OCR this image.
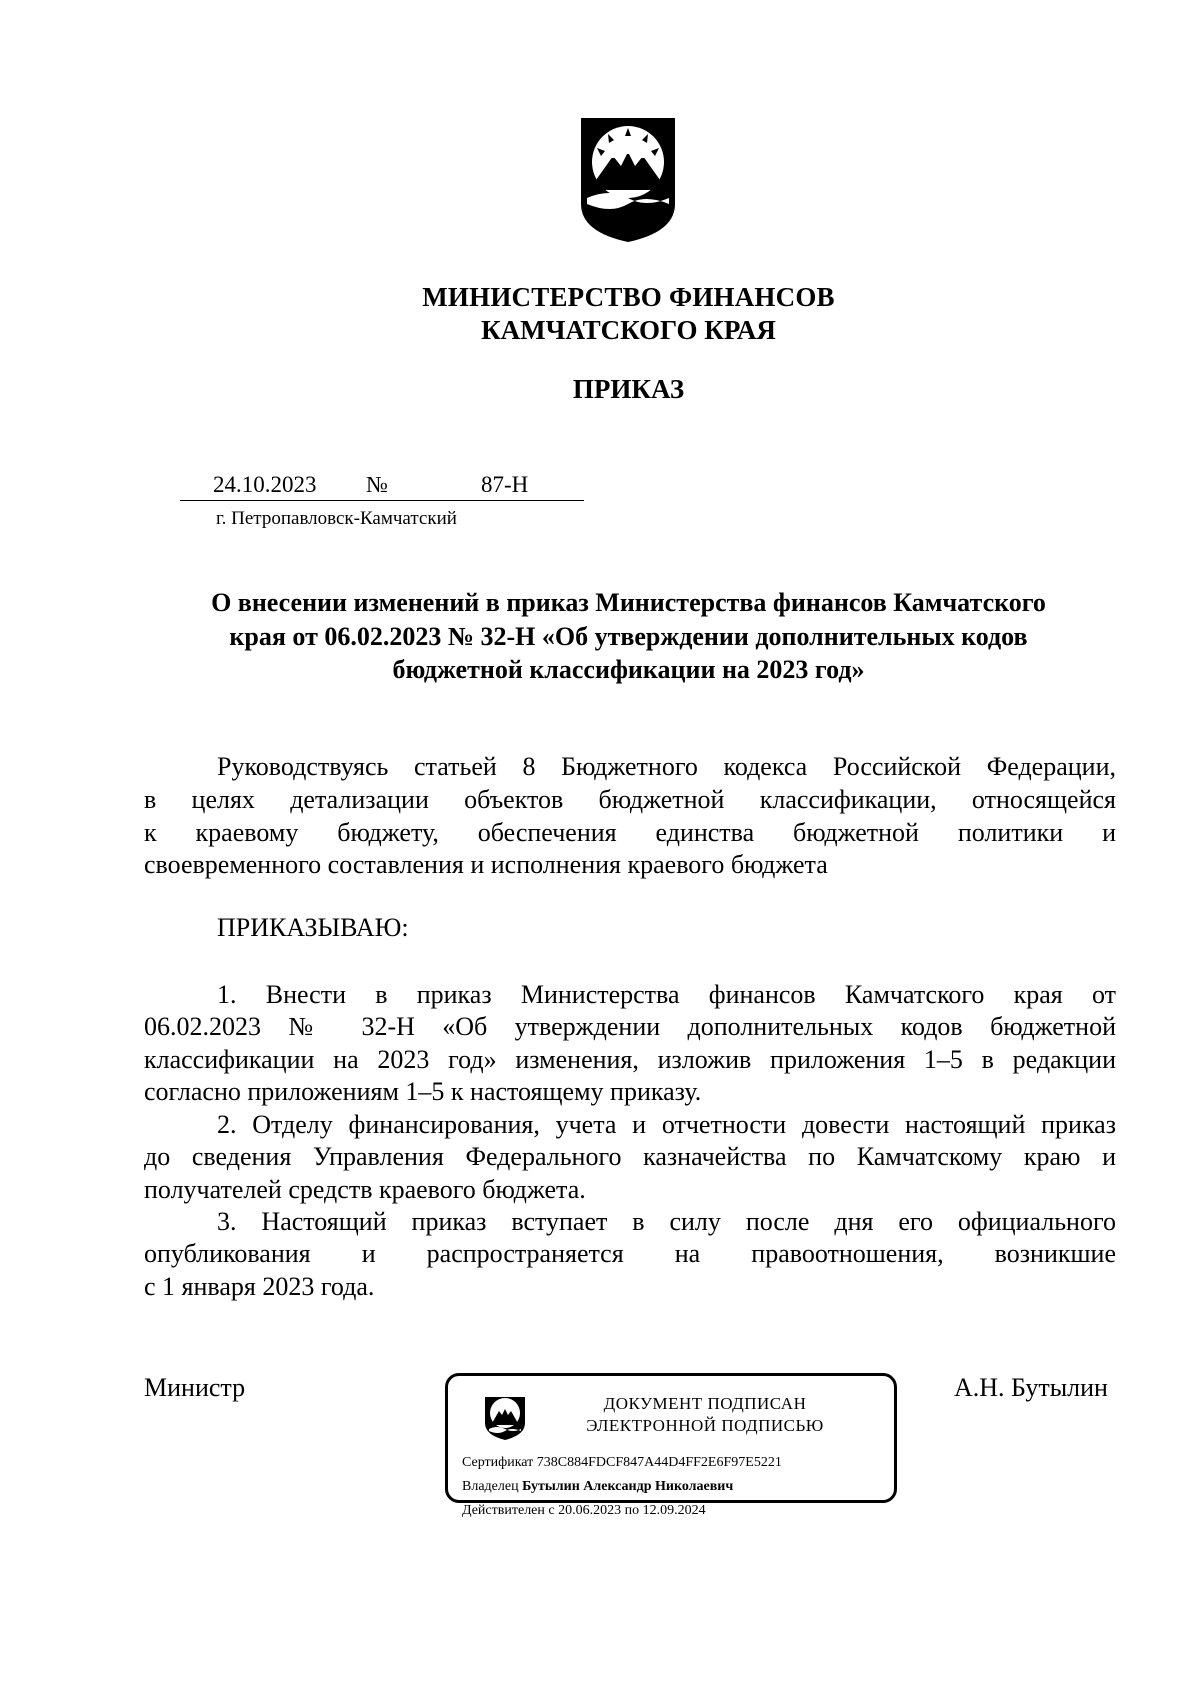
МИНИСТЕРСТВО ФИНАНСОВ
КАМЧАТСКОГО КРАЯ
ПРИКАЗ
24.10.2023 №	87-Н
г. Петропавловск-Камчатский
О внесении изменений в приказ Министерства финансов Камчатского
края от 06.02.2023 № 32-Н «Об утверждении дополнительных кодов
бюджетной классификации на 2023 год»
Руководствуясь статьей 8 Бюджетного кодекса Российской Федерации,
в целях детализации объектов бюджетной классификации, относящейся
к краевому бюджету, обеспечения единства бюджетной политики и
своевременного составления и исполнения краевого бюджета
ПРИКАЗЫВАЮ:
1. Внести в приказ Министерства финансов Камчатского края от
06.02.2023 № 32-Н «Об утверждении дополнительных кодов бюджетной
классификации на 2023 год» изменения, изложив приложения 1–5 в редакции
согласно приложениям 1–5 к настоящему приказу.
2. Отделу финансирования, учета и отчетности довести настоящий приказ
до сведения Управления Федерального казначейства по Камчатскому краю и
получателей средств краевого бюджета.
3. Настоящий приказ вступает в силу после дня его официального
опубликования и распространяется на правоотношения, возникшие
с 1 января 2023 года.
Министр	А.Н. Бутылин
ДОКУМЕНТ ПОДПИСАН
ЭЛЕКТРОННОЙ ПОДПИСЬЮ
Сертификат 738C884FDCF847A44D4FF2E6F97E5221
Владелец Бутылин Александр Николаевич
Действителен с 20.06.2023 по 12.09.2024
